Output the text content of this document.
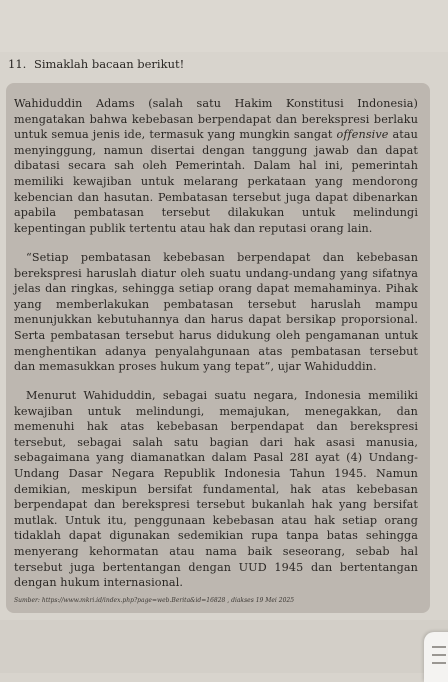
11. Simaklah bacaan berikut!

Wahiduddin Adams (salah satu Hakim Konstitusi Indonesia) mengatakan bahwa kebebasan berpendapat dan berekspresi berlaku untuk semua jenis ide, termasuk yang mungkin sangat offensive atau menyinggung, namun disertai dengan tanggung jawab dan dapat dibatasi secara sah oleh Pemerintah. Dalam hal ini, pemerintah memiliki kewajiban untuk melarang perkataan yang mendorong kebencian dan hasutan. Pembatasan tersebut juga dapat dibenarkan apabila pembatasan tersebut dilakukan untuk melindungi kepentingan publik tertentu atau hak dan reputasi orang lain.

“Setiap pembatasan kebebasan berpendapat dan kebebasan berekspresi haruslah diatur oleh suatu undang-undang yang sifatnya jelas dan ringkas, sehingga setiap orang dapat memahaminya. Pihak yang memberlakukan pembatasan tersebut haruslah mampu menunjukkan kebutuhannya dan harus dapat bersikap proporsional. Serta pembatasan tersebut harus didukung oleh pengamanan untuk menghentikan adanya penyalahgunaan atas pembatasan tersebut dan memasukkan proses hukum yang tepat”, ujar Wahiduddin.

Menurut Wahiduddin, sebagai suatu negara, Indonesia memiliki kewajiban untuk melindungi, memajukan, menegakkan, dan memenuhi hak atas kebebasan berpendapat dan berekspresi tersebut, sebagai salah satu bagian dari hak asasi manusia, sebagaimana yang diamanatkan dalam Pasal 28I ayat (4) Undang-Undang Dasar Negara Republik Indonesia Tahun 1945. Namun demikian, meskipun bersifat fundamental, hak atas kebebasan berpendapat dan berekspresi tersebut bukanlah hak yang bersifat mutlak. Untuk itu, penggunaan kebebasan atau hak setiap orang tidaklah dapat digunakan sedemikian rupa tanpa batas sehingga menyerang kehormatan atau nama baik seseorang, sebab hal tersebut juga bertentangan dengan UUD 1945 dan bertentangan dengan hukum internasional.

Sumber: https://www.mkri.id/index.php?page=web.Berita&id=16828 , diakses 19 Mei 2025
